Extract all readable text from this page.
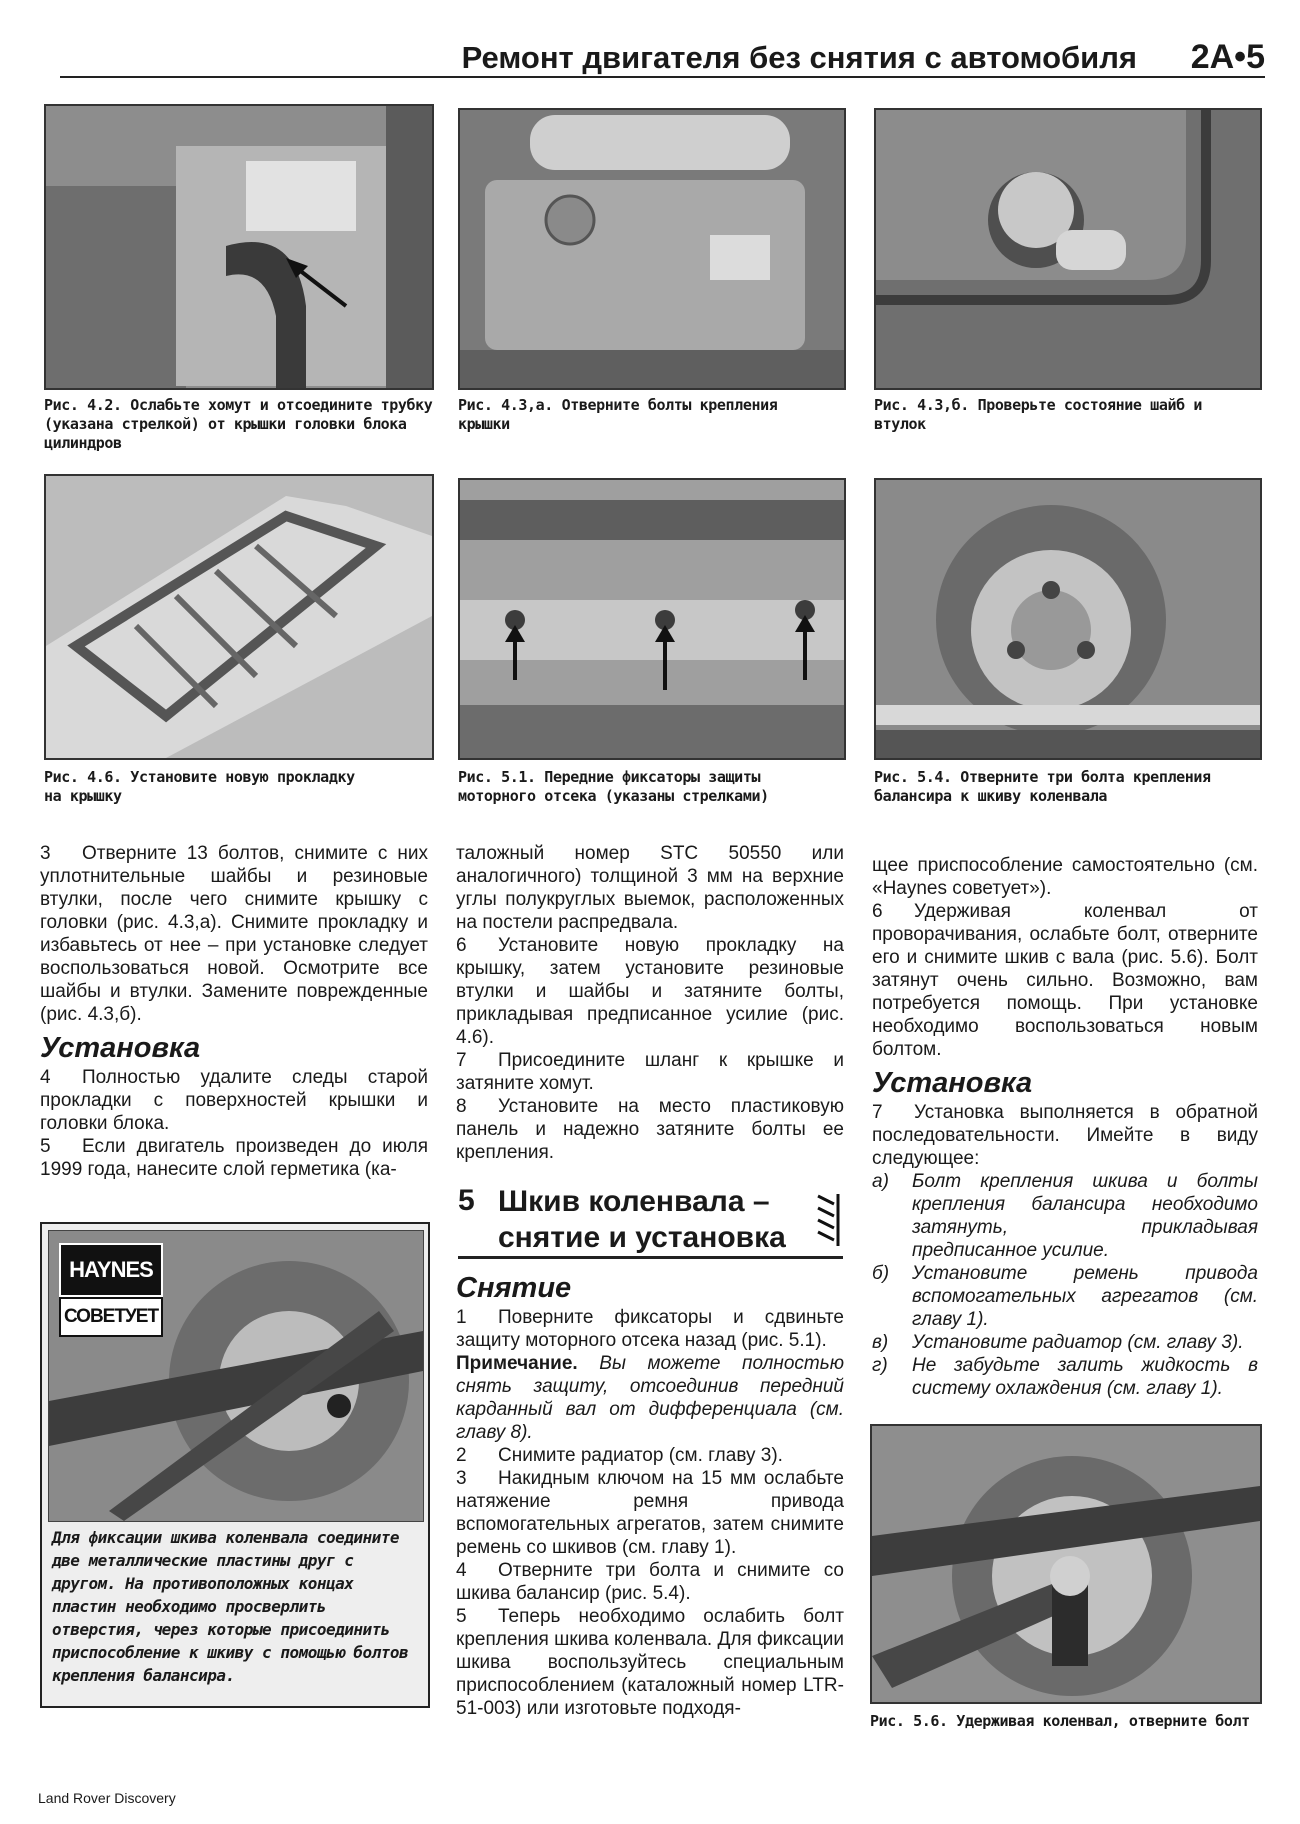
Ремонт двигателя без снятия с автомобиля 2A•5
Рис. 4.2. Ослабьте хомут и отсоедините трубку (указана стрелкой) от крышки головки блока цилиндров
Рис. 4.3,а. Отверните болты крепления крышки
Рис. 4.3,б. Проверьте состояние шайб и втулок
Рис. 4.6. Установите новую прокладку на крышку
Рис. 5.1. Передние фиксаторы защиты моторного отсека (указаны стрелками)
Рис. 5.4. Отверните три болта крепления балансира к шкиву коленвала

3 Отверните 13 болтов, снимите с них уплотнительные шайбы и резиновые втулки, после чего снимите крышку с головки (рис. 4.3,а). Снимите прокладку и избавьтесь от нее – при установке следует воспользоваться новой. Осмотрите все шайбы и втулки. Замените поврежденные (рис. 4.3,б).

Установка

4 Полностью удалите следы старой прокладки с поверхностей крышки и головки блока.

5 Если двигатель произведен до июля 1999 года, нанесите слой герметика (ка-

HAYNES
СОВЕТУЕТ
Для фиксации шкива коленвала соедините две металлические пластины друг с другом. На противоположных концах пластин необходимо просверлить отверстия, через которые присоединить приспособление к шкиву с помощью болтов крепления балансира.

таложный номер STC 50550 или аналогичного) толщиной 3 мм на верхние углы полукруглых выемок, расположенных на постели распредвала.

6 Установите новую прокладку на крышку, затем установите резиновые втулки и шайбы и затяните болты, прикладывая предписанное усилие (рис. 4.6).

7 Присоедините шланг к крышке и затяните хомут.

8 Установите на место пластиковую панель и надежно затяните болты ее крепления.

5 Шкив коленвала – снятие и установка
Снятие

1 Поверните фиксаторы и сдвиньте защиту моторного отсека назад (рис. 5.1).

Примечание. Вы можете полностью снять защиту, отсоединив передний карданный вал от дифференциала (см. главу 8).

2 Снимите радиатор (см. главу 3).

3 Накидным ключом на 15 мм ослабьте натяжение ремня привода вспомогательных агрегатов, затем снимите ремень со шкивов (см. главу 1).

4 Отверните три болта и снимите со шкива балансир (рис. 5.4).

5 Теперь необходимо ослабить болт крепления шкива коленвала. Для фиксации шкива воспользуйтесь специальным приспособлением (каталожный номер LTR-51-003) или изготовьте подходя-

щее приспособление самостоятельно (см. «Haynes советует»).

6 Удерживая коленвал от проворачивания, ослабьте болт, отверните его и снимите шкив с вала (рис. 5.6). Болт затянут очень сильно. Возможно, вам потребуется помощь. При установке необходимо воспользоваться новым болтом.

Установка

7 Установка выполняется в обратной последовательности. Имейте в виду следующее:

а)	Болт крепления шкива и болты крепления балансира необходимо затянуть, прикладывая предписанное усилие.
б)	Установите ремень привода вспомогательных агрегатов (см. главу 1).
в)	Установите радиатор (см. главу 3).
г)	Не забудьте залить жидкость в систему охлаждения (см. главу 1).
Рис. 5.6. Удерживая коленвал, отверните болт
Land Rover Discovery
